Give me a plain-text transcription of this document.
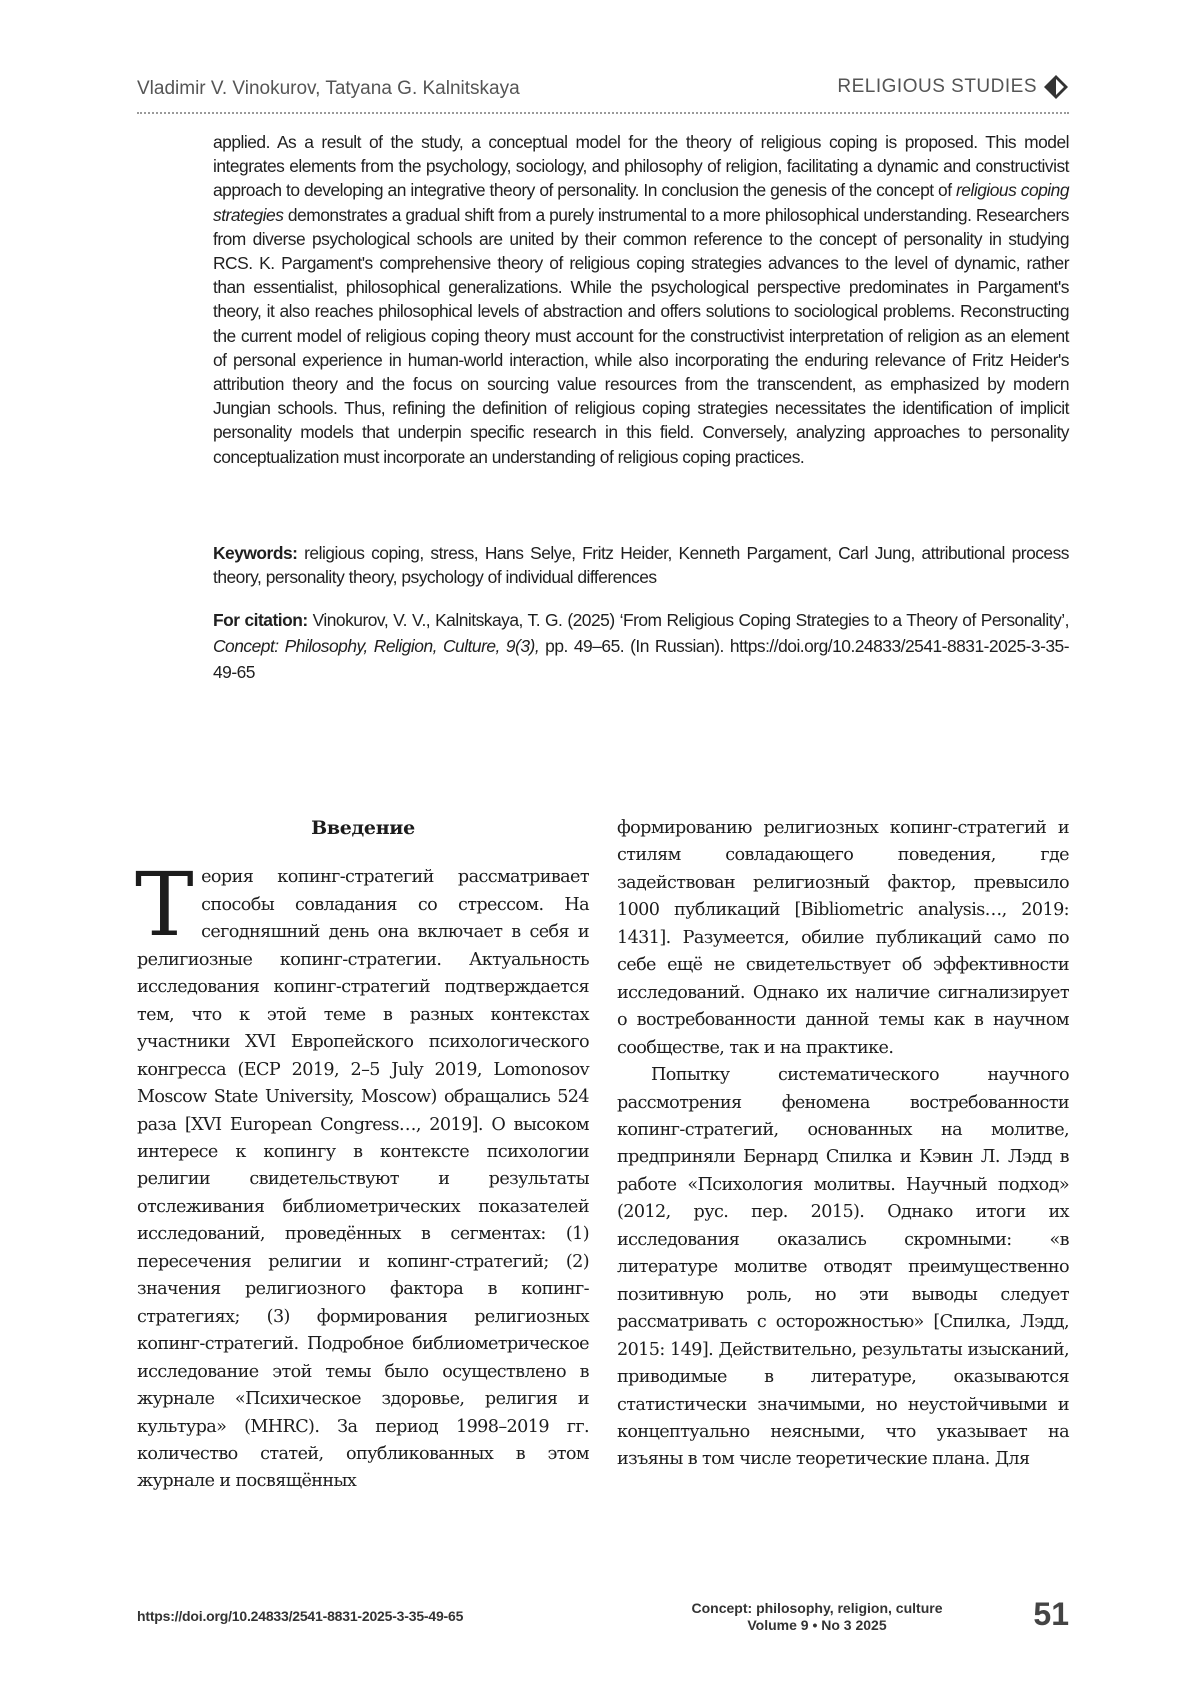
Vladimir V. Vinokurov, Tatyana G. Kalnitskaya	RELIGIOUS STUDIES

applied. As a result of the study, a conceptual model for the theory of religious coping is proposed. This model integrates elements from the psychology, sociology, and philosophy of religion, facilitating a dynamic and constructivist approach to developing an integrative theory of personality. In conclusion the genesis of the concept of religious coping strategies demonstrates a gradual shift from a purely instrumental to a more philosophical understanding. Researchers from diverse psychological schools are united by their common reference to the concept of personality in studying RCS. K. Pargament's comprehensive theory of religious coping strategies advances to the level of dynamic, rather than essentialist, philosophical generalizations. While the psychological perspective predominates in Pargament's theory, it also reaches philosophical levels of abstraction and offers solutions to sociological problems. Reconstructing the current model of religious coping theory must account for the constructivist interpretation of religion as an element of personal experience in human-world interaction, while also incorporating the enduring relevance of Fritz Heider's attribution theory and the focus on sourcing value resources from the transcendent, as emphasized by modern Jungian schools. Thus, refining the definition of religious coping strategies necessitates the identification of implicit personality models that underpin specific research in this field. Conversely, analyzing approaches to personality conceptualization must incorporate an understanding of religious coping practices.

Keywords: religious coping, stress, Hans Selye, Fritz Heider, Kenneth Pargament, Carl Jung, attributional process theory, personality theory, psychology of individual differences

For citation: Vinokurov, V. V., Kalnitskaya, T. G. (2025) ‘From Religious Coping Strategies to a Theory of Personality’, Concept: Philosophy, Religion, Culture, 9(3), pp. 49–65. (In Russian). https://doi.org/10.24833/2541-8831-2025-3-35-49-65

Введение

Теория копинг-стратегий рассматривает способы совладания со стрессом. На сегодняшний день она включает в себя и религиозные копинг-стратегии. Актуальность исследования копинг-стратегий подтверждается тем, что к этой теме в разных контекстах участники XVI Европейского психологического конгресса (ECP 2019, 2–5 July 2019, Lomonosov Moscow State University, Moscow) обращались 524 раза [XVI European Congress…, 2019]. О высоком интересе к копингу в контексте психологии религии свидетельствуют и результаты отслеживания библиометрических показателей исследований, проведённых в сегментах: (1) пересечения религии и копинг-стратегий; (2) значения религиозного фактора в копинг-стратегиях; (3) формирования религиозных копинг-стратегий. Подробное библиометрическое исследование этой темы было осуществлено в журнале «Психическое здоровье, религия и культура» (MHRC). За период 1998–2019 гг. количество статей, опубликованных в этом журнале и посвящённых

формированию религиозных копинг-стратегий и стилям совладающего поведения, где задействован религиозный фактор, превысило 1000 публикаций [Bibliometric analysis…, 2019: 1431]. Разумеется, обилие публикаций само по себе ещё не свидетельствует об эффективности исследований. Однако их наличие сигнализирует о востребованности данной темы как в научном сообществе, так и на практике.

Попытку систематического научного рассмотрения феномена востребованности копинг-стратегий, основанных на молитве, предприняли Бернард Спилка и Кэвин Л. Лэдд в работе «Психология молитвы. Научный подход» (2012, рус. пер. 2015). Однако итоги их исследования оказались скромными: «в литературе молитве отводят преимущественно позитивную роль, но эти выводы следует рассматривать с осторожностью» [Спилка, Лэдд, 2015: 149]. Действительно, результаты изысканий, приводимые в литературе, оказываются статистически значимыми, но неустойчивыми и концептуально неясными, что указывает на изъяны в том числе теоретические плана. Для

https://doi.org/10.24833/2541-8831-2025-3-35-49-65	Concept: philosophy, religion, culture
Volume 9 • No 3 2025	51
